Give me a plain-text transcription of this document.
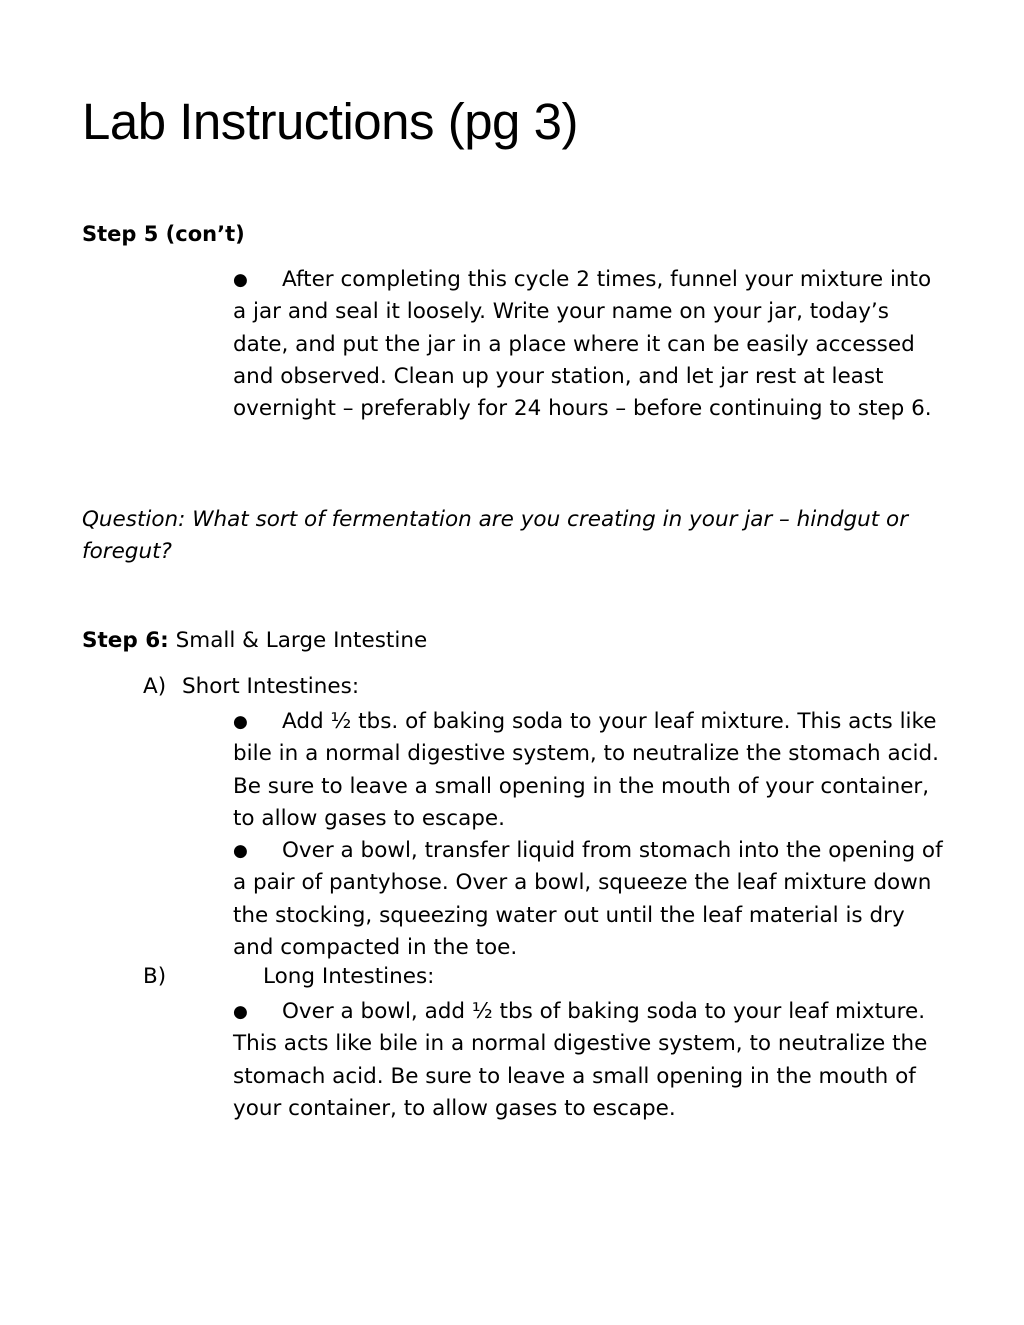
Lab Instructions (pg 3)
Step 5 (con’t)

● After completing this cycle 2 times, funnel your mixture into a jar and seal it loosely. Write your name on your jar, today’s date, and put the jar in a place where it can be easily accessed and observed. Clean up your station, and let jar rest at least overnight – preferably for 24 hours – before continuing to step 6.

Question: What sort of fermentation are you creating in your jar – hindgut or foregut?

Step 6: Small & Large Intestine
A) Short Intestines:

● Add ½ tbs. of baking soda to your leaf mixture. This acts like bile in a normal digestive system, to neutralize the stomach acid. Be sure to leave a small opening in the mouth of your container, to allow gases to escape.

● Over a bowl, transfer liquid from stomach into the opening of a pair of pantyhose. Over a bowl, squeeze the leaf mixture down the stocking, squeezing water out until the leaf material is dry and compacted in the toe.

B)	Long Intestines:

● Over a bowl, add ½ tbs of baking soda to your leaf mixture. This acts like bile in a normal digestive system, to neutralize the stomach acid. Be sure to leave a small opening in the mouth of your container, to allow gases to escape.
